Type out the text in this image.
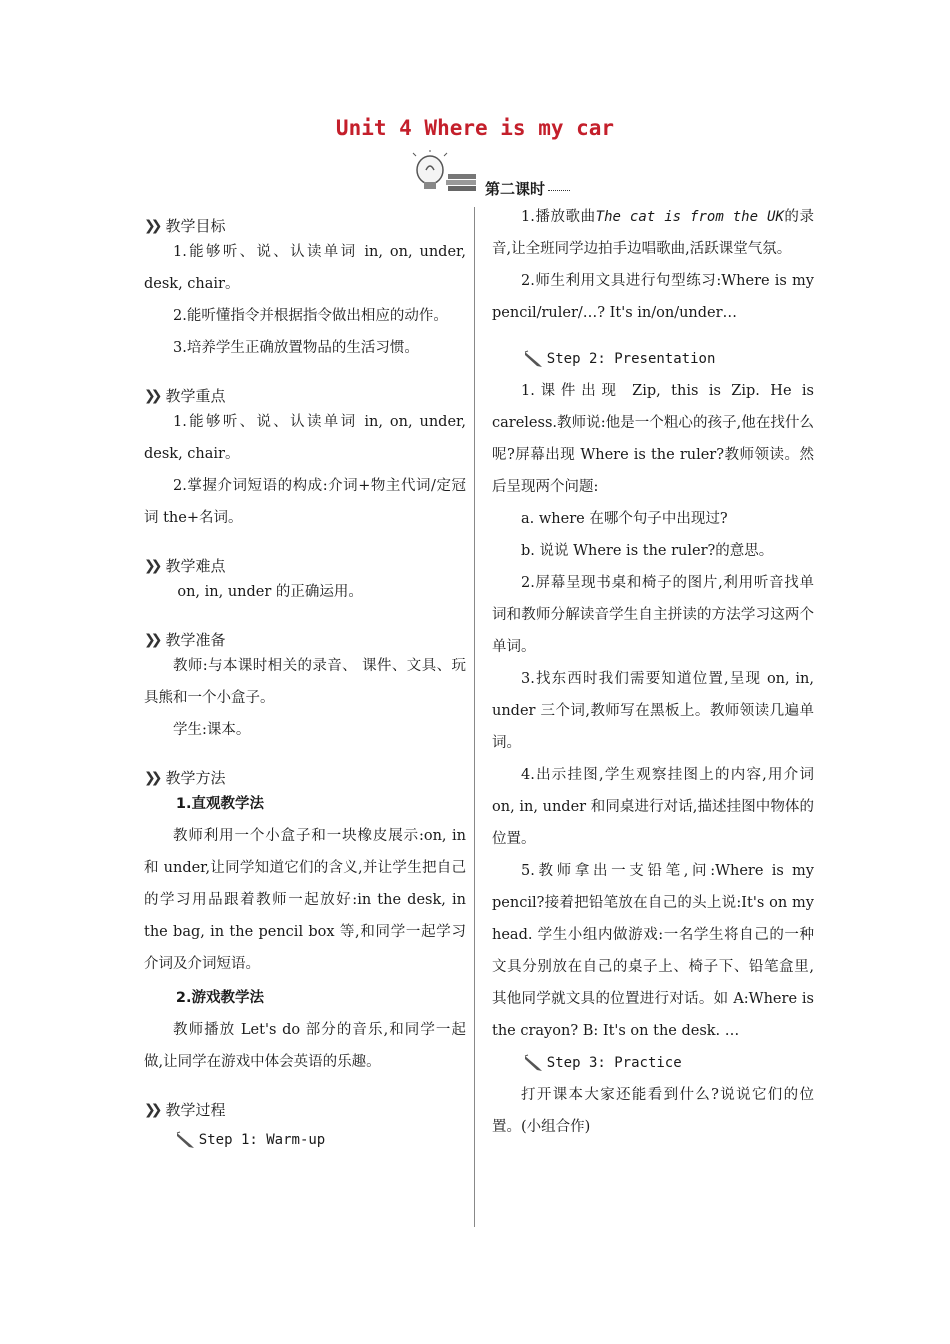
Unit 4 Where is my car
第二课时
❯❯ 教学目标

1.能够听、说、认读单词 in, on, under, desk, chair。

2.能听懂指令并根据指令做出相应的动作。

3.培养学生正确放置物品的生活习惯。

❯❯ 教学重点

1.能够听、说、认读单词 in, on, under, desk, chair。

2.掌握介词短语的构成:介词+物主代词/定冠词 the+名词。

❯❯ 教学难点

on, in, under 的正确运用。

❯❯ 教学准备

教师:与本课时相关的录音、 课件、文具、玩具熊和一个小盒子。

学生:课本。

❯❯ 教学方法
1.直观教学法

教师利用一个小盒子和一块橡皮展示:on, in 和 under,让同学知道它们的含义,并让学生把自己的学习用品跟着教师一起放好:in the desk, in the bag, in the pencil box 等,和同学一起学习介词及介词短语。

2.游戏教学法

教师播放 Let's do 部分的音乐,和同学一起做,让同学在游戏中体会英语的乐趣。

❯❯ 教学过程
Step 1: Warm-up

1.播放歌曲The cat is from the UK的录音,让全班同学边拍手边唱歌曲,活跃课堂气氛。

2.师生利用文具进行句型练习:Where is my pencil/ruler/…? It's in/on/under…

Step 2: Presentation

1.课件出现 Zip, this is Zip. He is careless.教师说:他是一个粗心的孩子,他在找什么呢?屏幕出现 Where is the ruler?教师领读。然后呈现两个问题:

a. where 在哪个句子中出现过?

b. 说说 Where is the ruler?的意思。

2.屏幕呈现书桌和椅子的图片,利用听音找单词和教师分解读音学生自主拼读的方法学习这两个单词。

3.找东西时我们需要知道位置,呈现 on, in, under 三个词,教师写在黑板上。教师领读几遍单词。

4.出示挂图,学生观察挂图上的内容,用介词 on, in, under 和同桌进行对话,描述挂图中物体的位置。

5.教师拿出一支铅笔,问:Where is my pencil?接着把铅笔放在自己的头上说:It's on my head. 学生小组内做游戏:一名学生将自己的一种文具分别放在自己的桌子上、椅子下、铅笔盒里,其他同学就文具的位置进行对话。如 A:Where is the crayon? B: It's on the desk. …

Step 3: Practice

打开课本大家还能看到什么?说说它们的位置。(小组合作)
